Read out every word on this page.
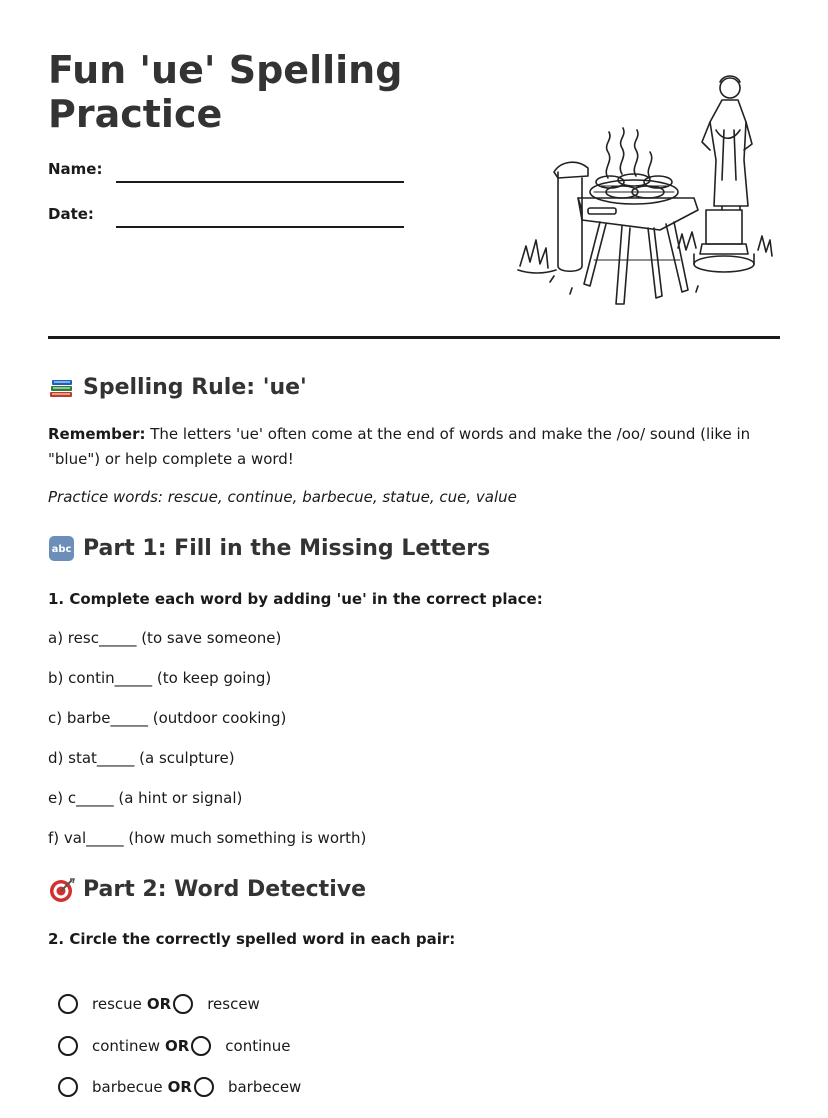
Fun 'ue' Spelling Practice
Name:
Date:
Spelling Rule: 'ue'

Remember: The letters 'ue' often come at the end of words and make the /oo/ sound (like in "blue") or help complete a word!

Practice words: rescue, continue, barbecue, statue, cue, value

abc Part 1: Fill in the Missing Letters

1. Complete each word by adding 'ue' in the correct place:

a) resc_____ (to save someone)

b) contin_____ (to keep going)

c) barbe_____ (outdoor cooking)

d) stat_____ (a sculpture)

e) c_____ (a hint or signal)

f) val_____ (how much something is worth)

Part 2: Word Detective

2. Circle the correctly spelled word in each pair:

rescue OR rescew
continew OR continue
barbecue OR barbecew
